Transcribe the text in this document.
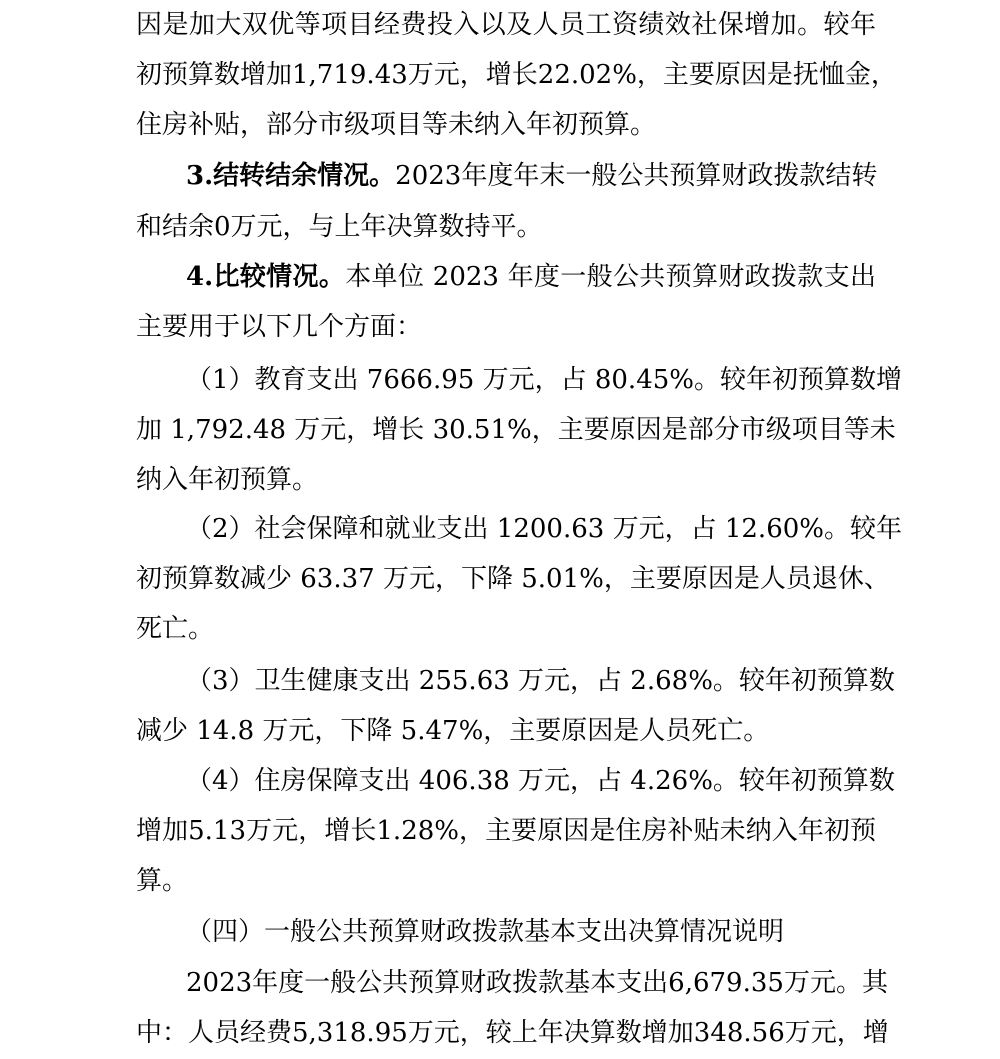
因是加大双优等项目经费投入以及人员工资绩效社保增加。较年
初预算数增加1,719.43万元，增长22.02%，主要原因是抚恤金，
住房补贴，部分市级项目等未纳入年初预算。
3.结转结余情况。2023年度年末一般公共预算财政拨款结转
和结余0万元，与上年决算数持平。
4.比较情况。本单位 2023 年度一般公共预算财政拨款支出
主要用于以下几个方面：
（1）教育支出 7666.95 万元，占 80.45%。较年初预算数增
加 1,792.48 万元，增长 30.51%，主要原因是部分市级项目等未
纳入年初预算。
（2）社会保障和就业支出 1200.63 万元，占 12.60%。较年
初预算数减少 63.37 万元，下降 5.01%，主要原因是人员退休、
死亡。
（3）卫生健康支出 255.63 万元，占 2.68%。较年初预算数
减少 14.8 万元，下降 5.47%，主要原因是人员死亡。
（4）住房保障支出 406.38 万元，占 4.26%。较年初预算数
增加5.13万元，增长1.28%，主要原因是住房补贴未纳入年初预
算。
（四）一般公共预算财政拨款基本支出决算情况说明
2023年度一般公共预算财政拨款基本支出6,679.35万元。其
中：人员经费5,318.95万元，较上年决算数增加348.56万元，增
